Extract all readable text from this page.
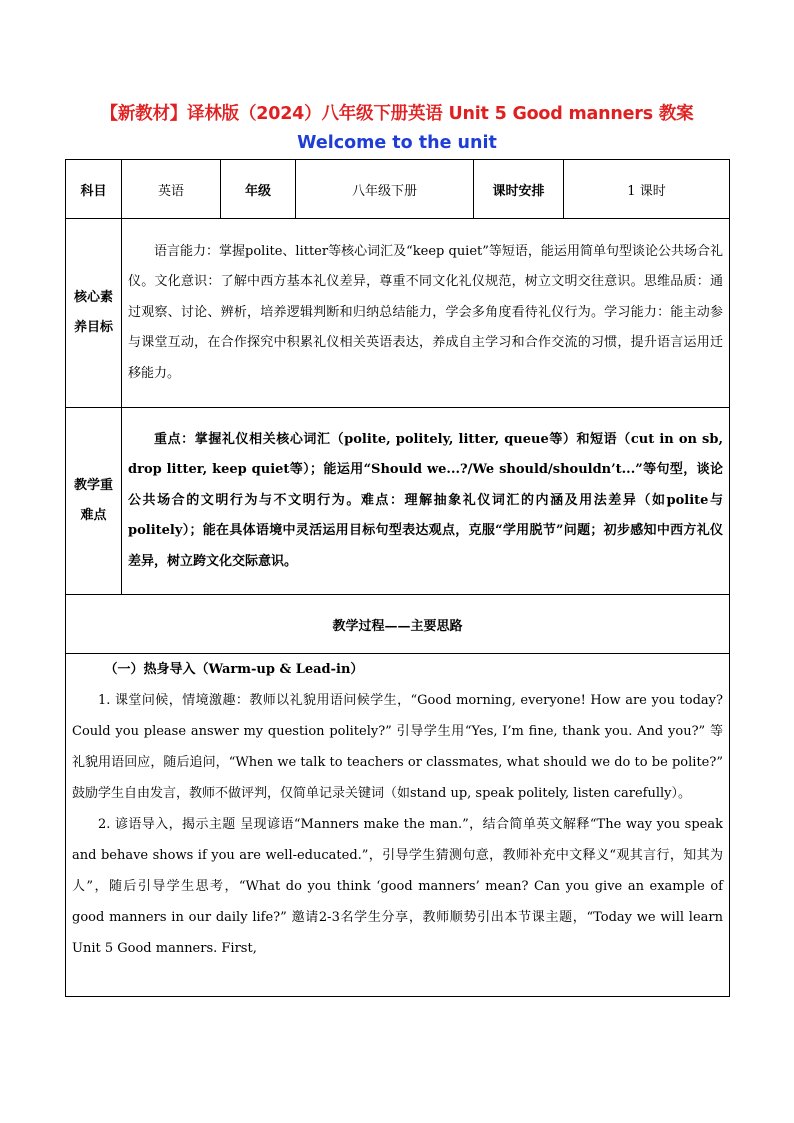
【新教材】译林版（2024）八年级下册英语 Unit 5 Good manners 教案
Welcome to the unit
科目	英语	年级	八年级下册	课时安排	1 课时

核心素
养目标	语言能力：掌握polite、litter等核心词汇及“keep quiet”等短语，能运用简单句型谈论公共场合礼仪。文化意识：了解中西方基本礼仪差异，尊重不同文化礼仪规范，树立文明交往意识。思维品质：通过观察、讨论、辨析，培养逻辑判断和归纳总结能力，学会多角度看待礼仪行为。学习能力：能主动参与课堂互动，在合作探究中积累礼仪相关英语表达，养成自主学习和合作交流的习惯，提升语言运用迁移能力。				

教学重
难点	重点：掌握礼仪相关核心词汇（polite, politely, litter, queue等）和短语（cut in on sb, drop litter, keep quiet等）；能运用“Should we...?/We should/shouldn’t...”等句型，谈论公共场合的文明行为与不文明行为。难点：理解抽象礼仪词汇的内涵及用法差异（如polite与politely）；能在具体语境中灵活运用目标句型表达观点，克服“学用脱节”问题；初步感知中西方礼仪差异，树立跨文化交际意识。				

教学过程——主要思路					

（一）热身导入（Warm-up & Lead-in）

1. 课堂问候，情境激趣：教师以礼貌用语问候学生，“Good morning, everyone! How are you today? Could you please answer my question politely?” 引导学生用“Yes, I’m fine, thank you. And you?” 等礼貌用语回应，随后追问，“When we talk to teachers or classmates, what should we do to be polite?” 鼓励学生自由发言，教师不做评判，仅简单记录关键词（如stand up, speak politely, listen carefully）。

2. 谚语导入，揭示主题 呈现谚语“Manners make the man.”，结合简单英文解释“The way you speak and behave shows if you are well-educated.”，引导学生猜测句意，教师补充中文释义“观其言行，知其为人”，随后引导学生思考，“What do you think ‘good manners’ mean? Can you give an example of good manners in our daily life?” 邀请2-3名学生分享，教师顺势引出本节课主题，“Today we will learn Unit 5 Good manners. First,					
